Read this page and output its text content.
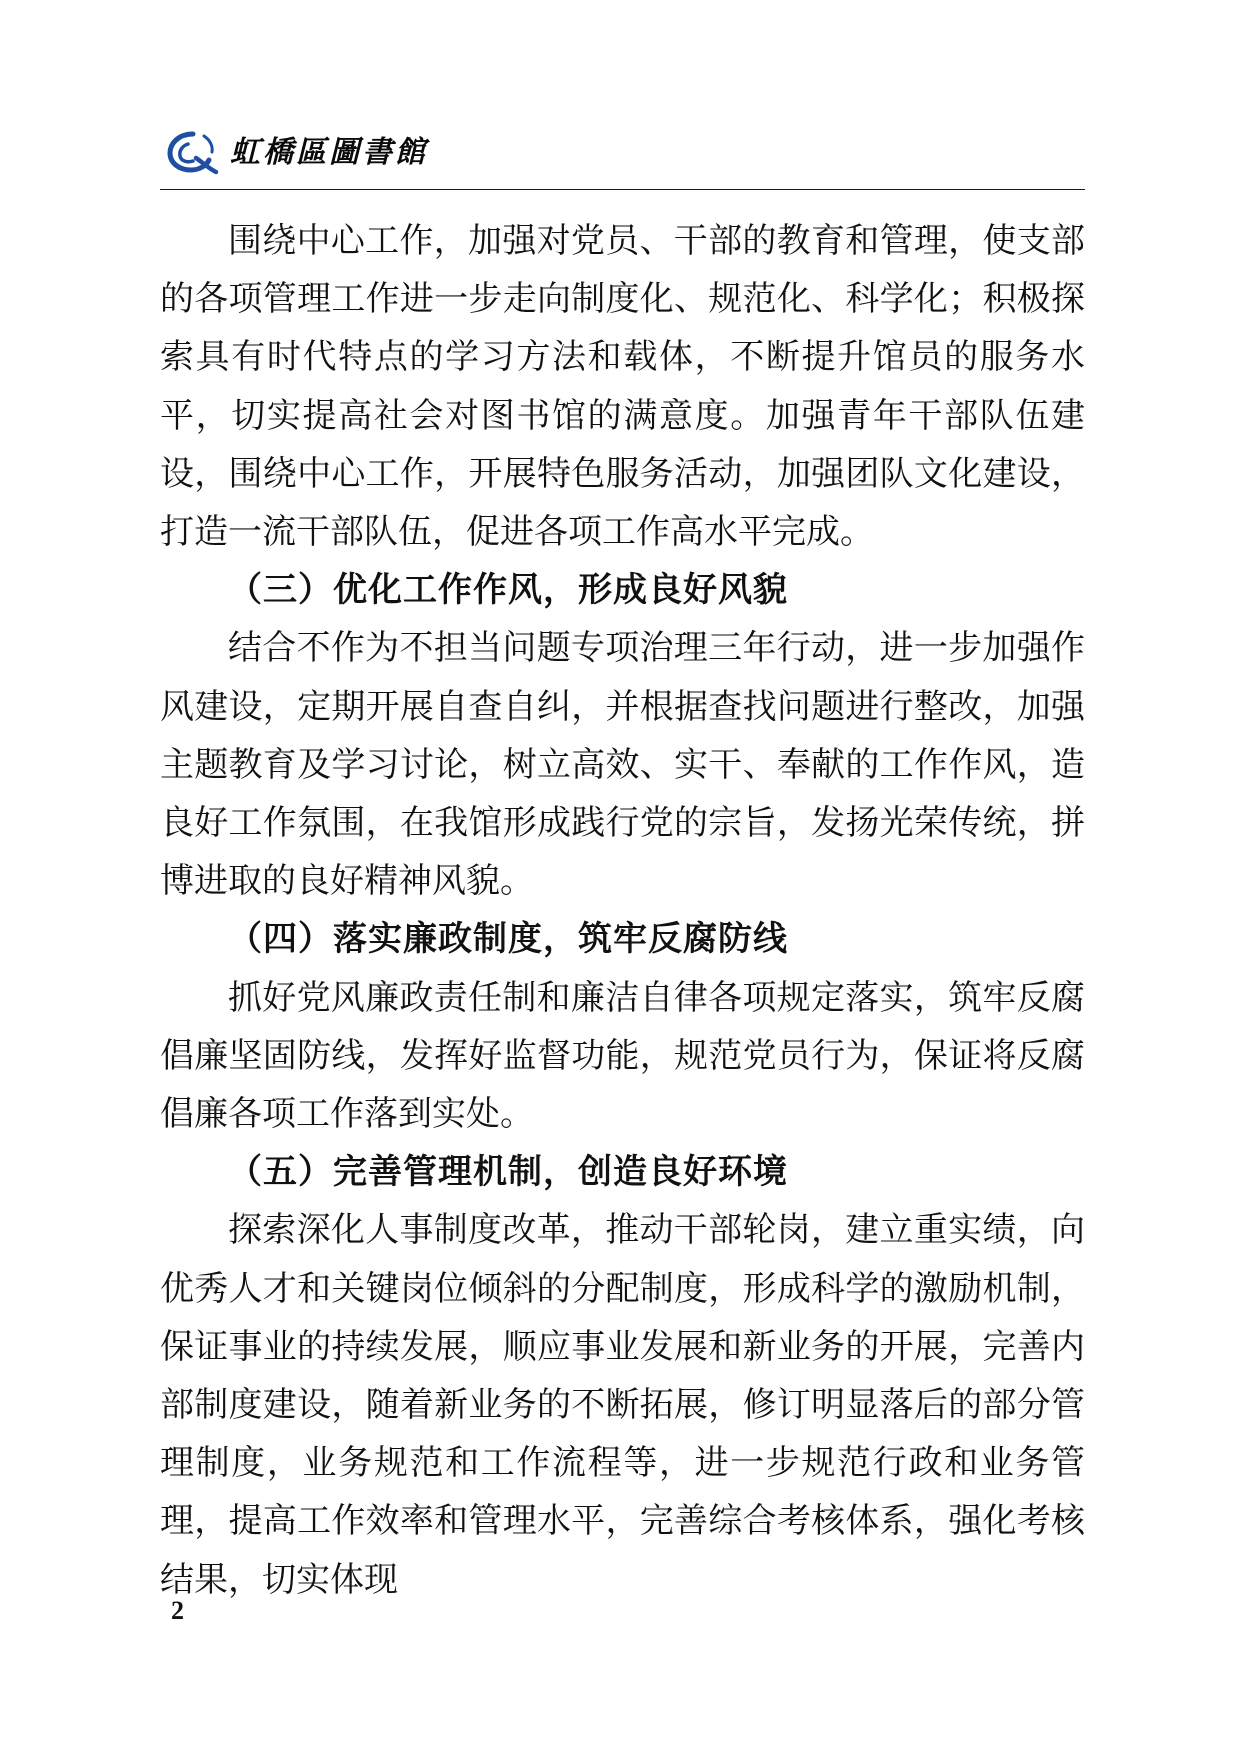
虹橋區圖書館

围绕中心工作，加强对党员、干部的教育和管理，使支部的各项管理工作进一步走向制度化、规范化、科学化；积极探索具有时代特点的学习方法和载体，不断提升馆员的服务水平，切实提高社会对图书馆的满意度。加强青年干部队伍建设，围绕中心工作，开展特色服务活动，加强团队文化建设，打造一流干部队伍，促进各项工作高水平完成。

（三）优化工作作风，形成良好风貌

结合不作为不担当问题专项治理三年行动，进一步加强作风建设，定期开展自查自纠，并根据查找问题进行整改，加强主题教育及学习讨论，树立高效、实干、奉献的工作作风，造良好工作氛围，在我馆形成践行党的宗旨，发扬光荣传统，拼博进取的良好精神风貌。

（四）落实廉政制度，筑牢反腐防线

抓好党风廉政责任制和廉洁自律各项规定落实，筑牢反腐倡廉坚固防线，发挥好监督功能，规范党员行为，保证将反腐倡廉各项工作落到实处。

（五）完善管理机制，创造良好环境

探索深化人事制度改革，推动干部轮岗，建立重实绩，向优秀人才和关键岗位倾斜的分配制度，形成科学的激励机制，保证事业的持续发展，顺应事业发展和新业务的开展，完善内部制度建设，随着新业务的不断拓展，修订明显落后的部分管理制度，业务规范和工作流程等，进一步规范行政和业务管理，提高工作效率和管理水平，完善综合考核体系，强化考核结果，切实体现

2
